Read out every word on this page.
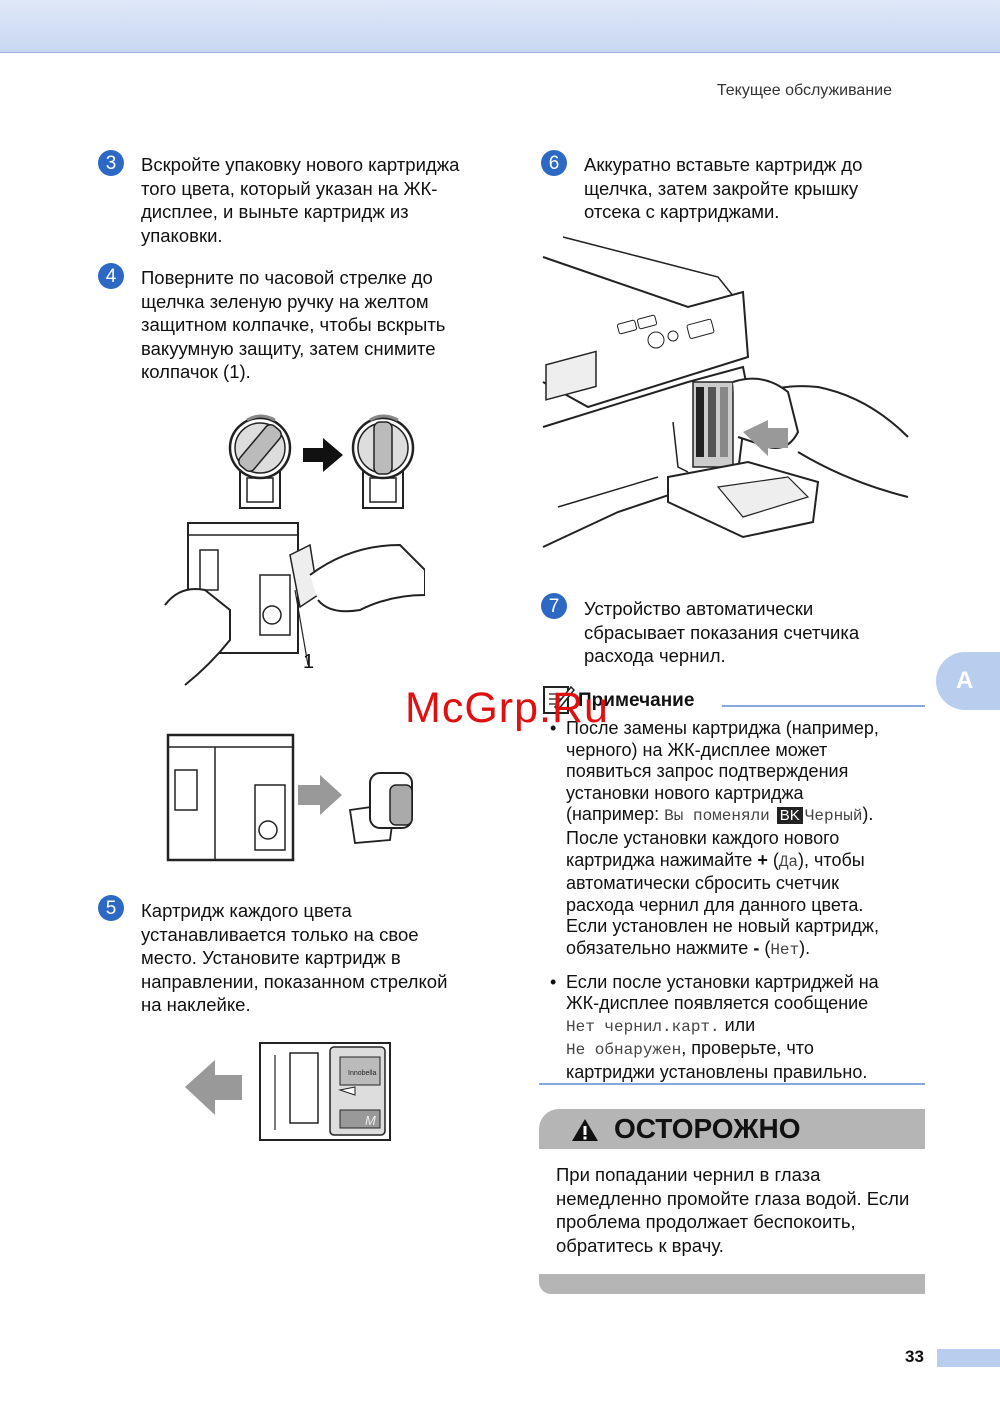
Текущее обслуживание
3	Вскройте упаковку нового картриджа
того цвета, который указан на ЖК-
дисплее, и выньте картридж из
упаковки.
4	Поверните по часовой стрелке до
щелчка зеленую ручку на желтом
защитном колпачке, чтобы вскрыть
вакуумную защиту, затем снимите
колпачок (1).
1
5	Картридж каждого цвета
устанавливается только на свое
место. Установите картридж в
направлении, показанном стрелкой
на наклейке.
Innobella
M
6	Аккуратно вставьте картридж до
щелчка, затем закройте крышку
отсека с картриджами.
7	Устройство автоматически
сбрасывает показания счетчика
расхода чернил.
A
Примечание
• После замены картриджа (например,
черного) на ЖК-дисплее может
появиться запрос подтверждения
установки нового картриджа
(например: Вы поменяли BK Черный).
После установки каждого нового
картриджа нажимайте + (Да), чтобы
автоматически сбросить счетчик
расхода чернил для данного цвета.
Если установлен не новый картридж,
обязательно нажмите - (Нет).
• Если после установки картриджей на
ЖК-дисплее появляется сообщение
Нет чернил.карт. или
Не обнаружен, проверьте, что
картриджи установлены правильно.
ОСТОРОЖНО
При попадании чернил в глаза
немедленно промойте глаза водой. Если
проблема продолжает беспокоить,
обратитесь к врачу.
33
McGrp.Ru
